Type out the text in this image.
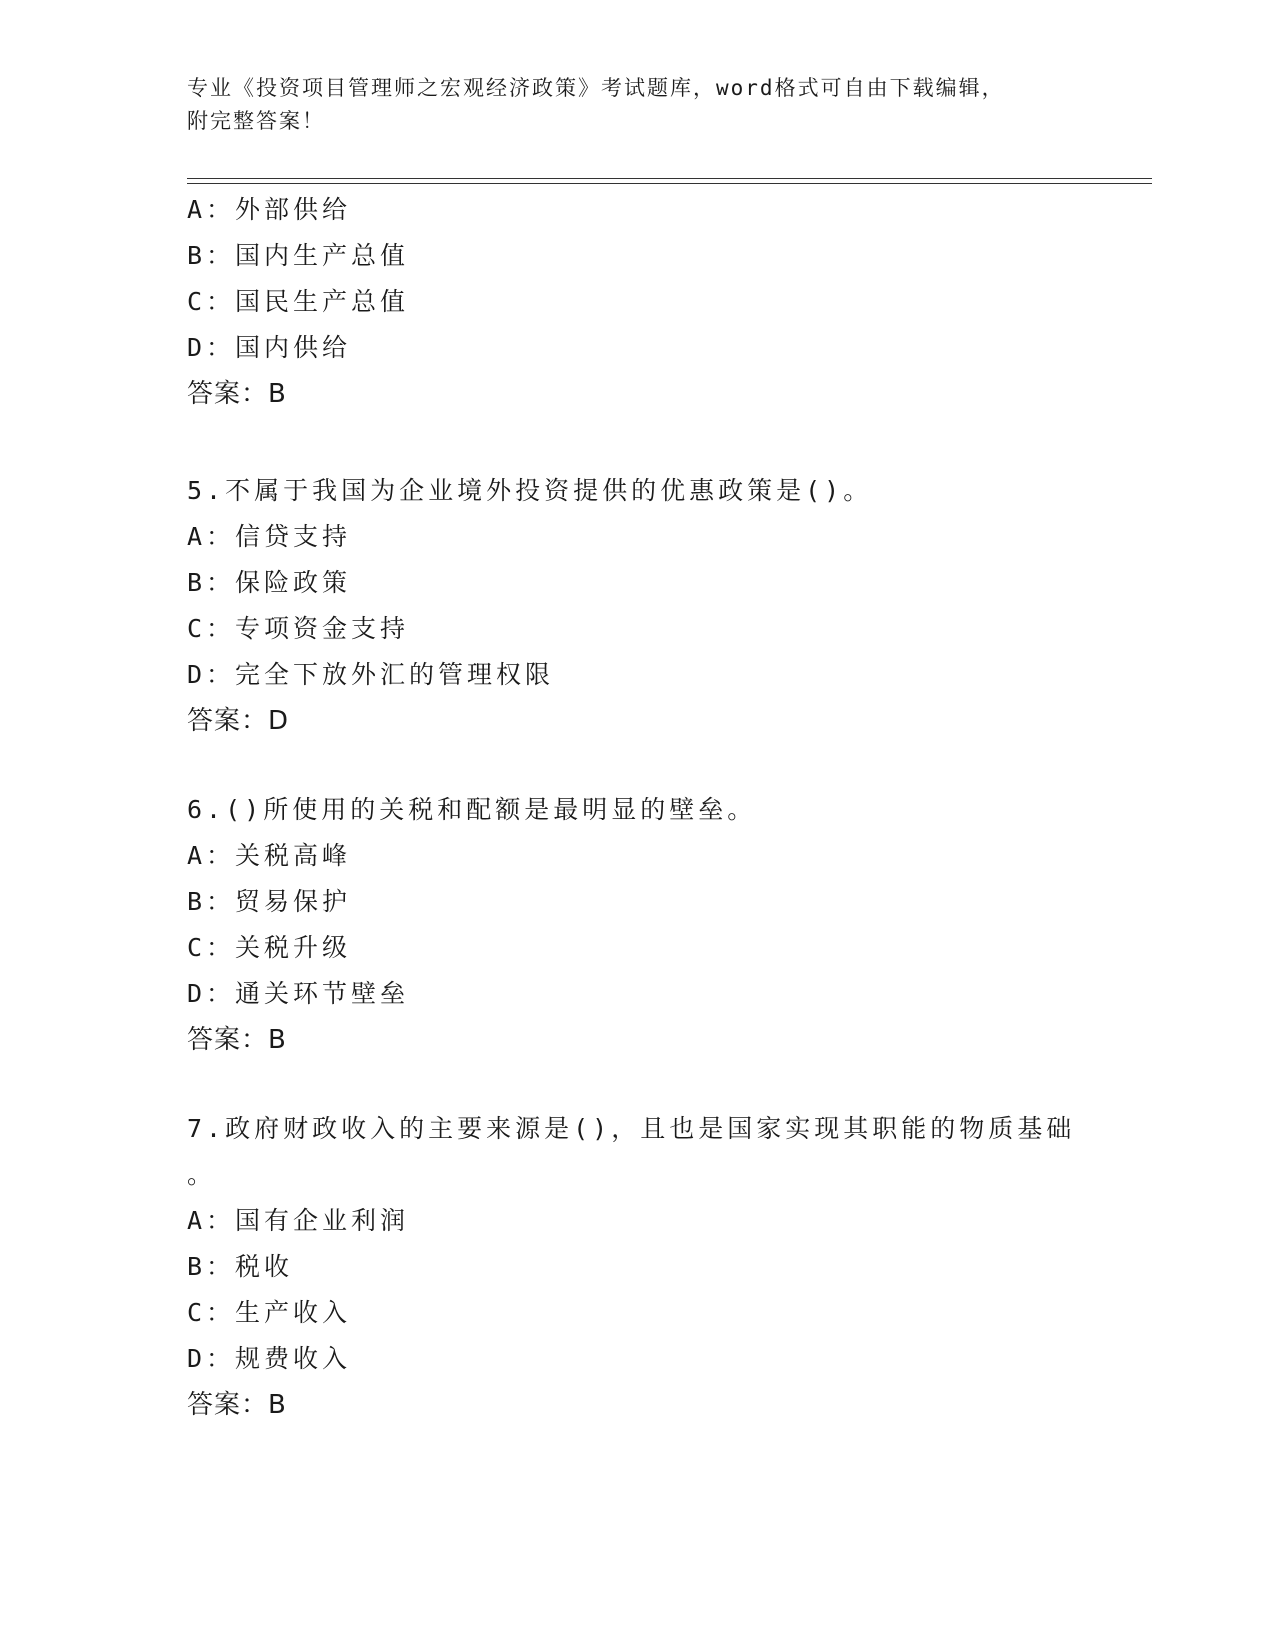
专业《投资项目管理师之宏观经济政策》考试题库，word格式可自由下载编辑，
附完整答案！
A：外部供给
B：国内生产总值
C：国民生产总值
D：国内供给
答案：B
5.不属于我国为企业境外投资提供的优惠政策是()。
A：信贷支持
B：保险政策
C：专项资金支持
D：完全下放外汇的管理权限
答案：D
6.()所使用的关税和配额是最明显的壁垒。
A：关税高峰
B：贸易保护
C：关税升级
D：通关环节壁垒
答案：B
7.政府财政收入的主要来源是()，且也是国家实现其职能的物质基础
。
A：国有企业利润
B：税收
C：生产收入
D：规费收入
答案：B
